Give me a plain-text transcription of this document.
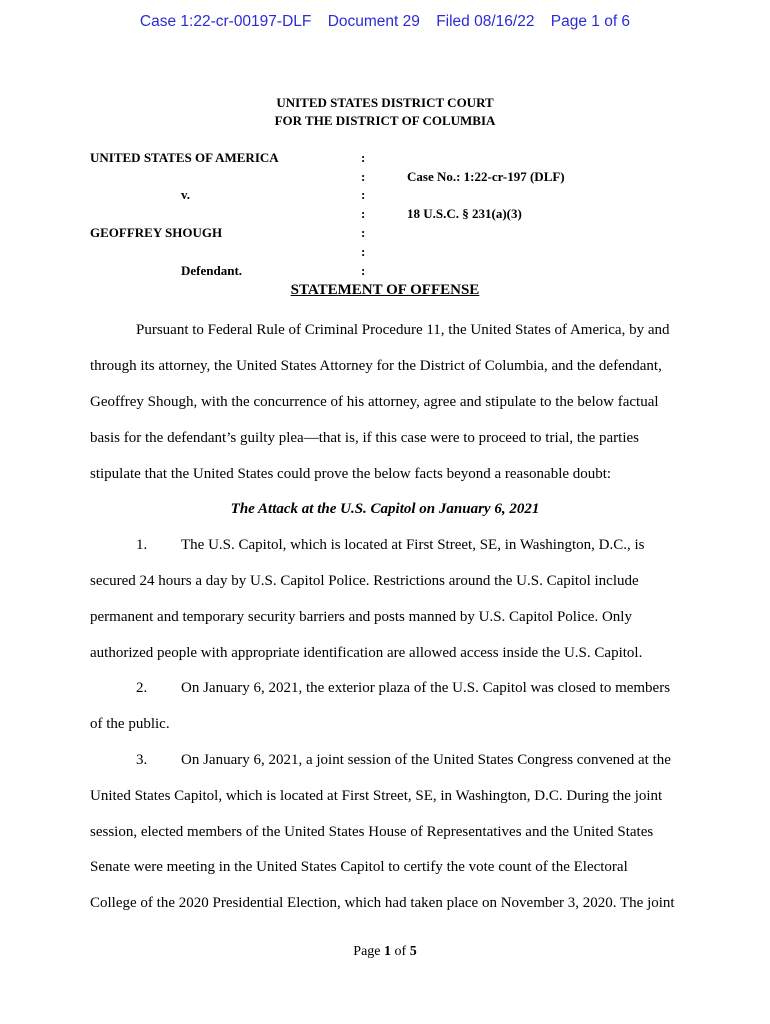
Case 1:22-cr-00197-DLF Document 29 Filed 08/16/22 Page 1 of 6
UNITED STATES DISTRICT COURT
FOR THE DISTRICT OF COLUMBIA
UNITED STATES OF AMERICA
v.
GEOFFREY SHOUGH
Defendant.
:
:
:
:
:
:
:
Case No.: 1:22-cr-197 (DLF)
18 U.S.C. § 231(a)(3)
STATEMENT OF OFFENSE
Pursuant to Federal Rule of Criminal Procedure 11, the United States of America, by and
through its attorney, the United States Attorney for the District of Columbia, and the defendant,
Geoffrey Shough, with the concurrence of his attorney, agree and stipulate to the below factual
basis for the defendant’s guilty plea—that is, if this case were to proceed to trial, the parties
stipulate that the United States could prove the below facts beyond a reasonable doubt:
The Attack at the U.S. Capitol on January 6, 2021
1. The U.S. Capitol, which is located at First Street, SE, in Washington, D.C., is
secured 24 hours a day by U.S. Capitol Police. Restrictions around the U.S. Capitol include
permanent and temporary security barriers and posts manned by U.S. Capitol Police. Only
authorized people with appropriate identification are allowed access inside the U.S. Capitol.
2. On January 6, 2021, the exterior plaza of the U.S. Capitol was closed to members
of the public.
3. On January 6, 2021, a joint session of the United States Congress convened at the
United States Capitol, which is located at First Street, SE, in Washington, D.C. During the joint
session, elected members of the United States House of Representatives and the United States
Senate were meeting in the United States Capitol to certify the vote count of the Electoral
College of the 2020 Presidential Election, which had taken place on November 3, 2020. The joint
Page 1 of 5
